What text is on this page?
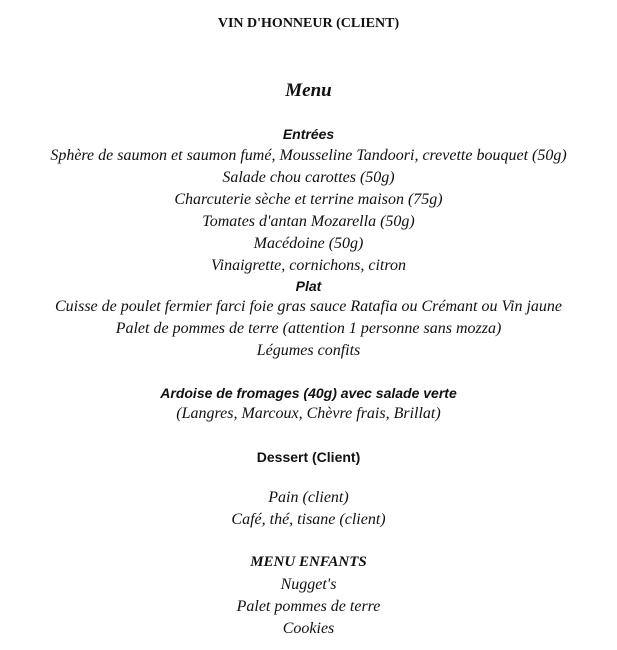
VIN D'HONNEUR (CLIENT)
Menu
Entrées
Sphère de saumon et saumon fumé, Mousseline Tandoori, crevette bouquet (50g)
Salade chou carottes (50g)
Charcuterie sèche et terrine maison (75g)
Tomates d'antan Mozarella (50g)
Macédoine (50g)
Vinaigrette, cornichons, citron
Plat
Cuisse de poulet fermier farci foie gras sauce Ratafia ou Crémant ou Vin jaune
Palet de pommes de terre (attention 1 personne sans mozza)
Légumes confits
Ardoise de fromages (40g) avec salade verte
(Langres, Marcoux, Chèvre frais, Brillat)
Dessert (Client)
Pain (client)
Café, thé, tisane (client)
MENU ENFANTS
Nugget's
Palet pommes de terre
Cookies
